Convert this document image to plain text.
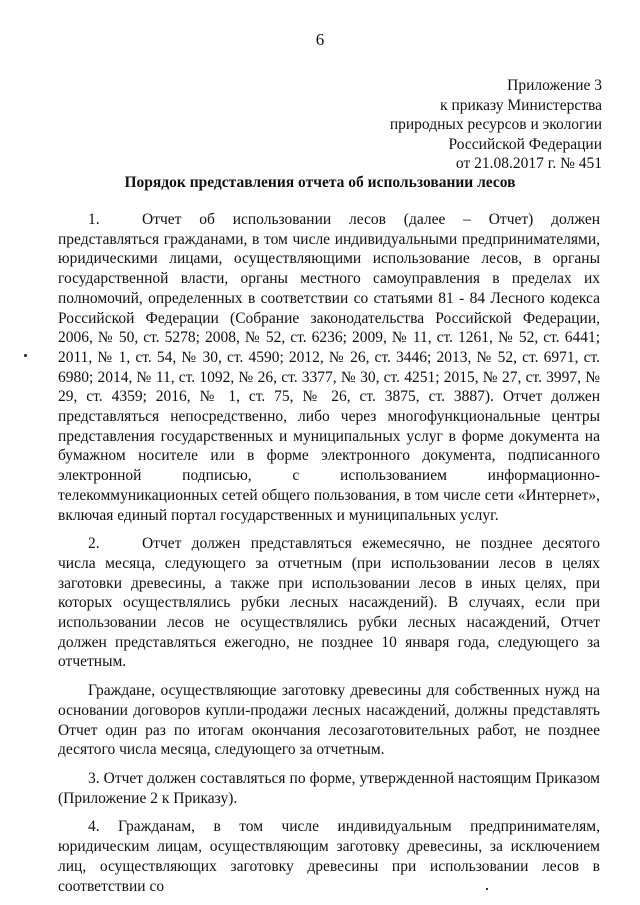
6
Приложение 3
к приказу Министерства
природных ресурсов и экологии
Российской Федерации
от 21.08.2017 г. № 451
Порядок представления отчета об использовании лесов

1.	Отчет об использовании лесов (далее – Отчет) должен представляться гражданами, в том числе индивидуальными предпринимателями, юридическими лицами, осуществляющими использование лесов, в органы государственной власти, органы местного самоуправления в пределах их полномочий, определенных в соответствии со статьями 81 - 84 Лесного кодекса Российской Федерации (Собрание законодательства Российской Федерации, 2006, № 50, ст. 5278; 2008, № 52, ст. 6236; 2009, № 11, ст. 1261, № 52, ст. 6441; 2011, № 1, ст. 54, № 30, ст. 4590; 2012, № 26, ст. 3446; 2013, № 52, ст. 6971, ст. 6980; 2014, № 11, ст. 1092, № 26, ст. 3377, № 30, ст. 4251; 2015, № 27, ст. 3997, № 29, ст. 4359; 2016, № 1, ст. 75, № 26, ст. 3875, ст. 3887). Отчет должен представляться непосредственно, либо через многофункциональные центры представления государственных и муниципальных услуг в форме документа на бумажном носителе или в форме электронного документа, подписанного электронной подписью, с использованием информационно-телекоммуникационных сетей общего пользования, в том числе сети «Интернет», включая единый портал государственных и муниципальных услуг.

2.	Отчет должен представляться ежемесячно, не позднее десятого числа месяца, следующего за отчетным (при использовании лесов в целях заготовки древесины, а также при использовании лесов в иных целях, при которых осуществлялись рубки лесных насаждений). В случаях, если при использовании лесов не осуществлялись рубки лесных насаждений, Отчет должен представляться ежегодно, не позднее 10 января года, следующего за отчетным.

Граждане, осуществляющие заготовку древесины для собственных нужд на основании договоров купли-продажи лесных насаждений, должны представлять Отчет один раз по итогам окончания лесозаготовительных работ, не позднее десятого числа месяца, следующего за отчетным.

3. Отчет должен составляться по форме, утвержденной настоящим Приказом (Приложение 2 к Приказу).

4. Гражданам, в том числе индивидуальным предпринимателям, юридическим лицам, осуществляющим заготовку древесины, за исключением лиц, осуществляющих заготовку древесины при использовании лесов в соответствии со
